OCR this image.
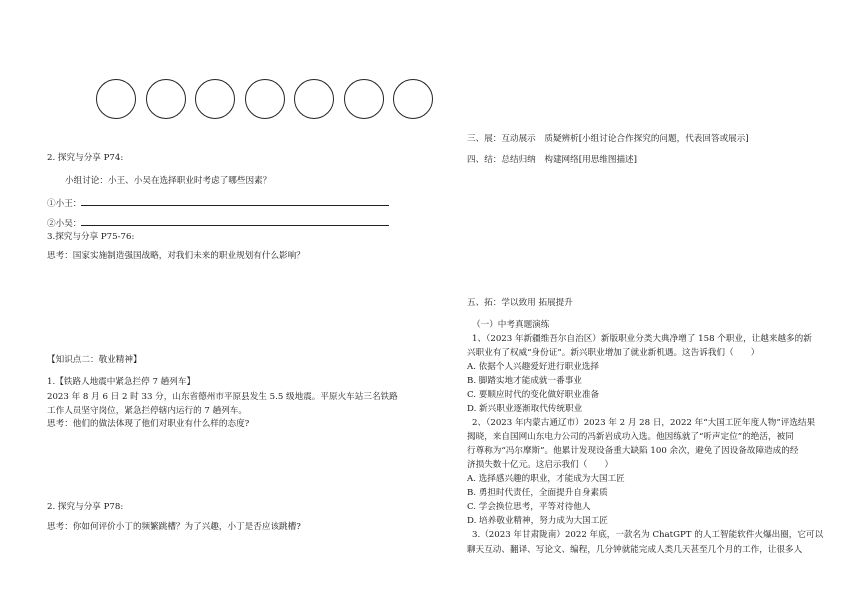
2. 探究与分享 P74:
小组讨论：小王、小吴在选择职业时考虑了哪些因素？
①小王：
②小吴：
3.探究与分享 P75-76:
思考：国家实施制造强国战略，对我们未来的职业规划有什么影响？
【知识点二：敬业精神】
1.【铁路人地震中紧急拦停 7 趟列车】
2023 年 8 月 6 日 2 时 33 分，山东省德州市平原县发生 5.5 级地震。平原火车站三名铁路
工作人员坚守岗位，紧急拦停辖内运行的 7 趟列车。
思考：他们的做法体现了他们对职业有什么样的态度?
2. 探究与分享 P78:
思考：你如何评价小丁的频繁跳槽？为了兴趣，小丁是否应该跳槽?
三、展：互动展示　质疑辨析[小组讨论合作探究的问题，代表回答或展示]
四、结：总结归纳　构建网络[用思维图描述]
五、拓：学以致用 拓展提升
（一）中考真题演练
1、（2023 年新疆维吾尔自治区）新版职业分类大典净增了 158 个职业，让越来越多的新
兴职业有了权威“身份证”。新兴职业增加了就业新机遇。这告诉我们（　　）
A. 依据个人兴趣爱好进行职业选择
B. 脚踏实地才能成就一番事业
C. 要顺应时代的变化做好职业准备
D. 新兴职业逐渐取代传统职业
2、（2023 年内蒙古通辽市）2023 年 2 月 28 日，2022 年“大国工匠年度人物”评选结果
揭晓，来自国网山东电力公司的冯新岩成功入选。他因练就了“听声定位”的绝活，被同
行尊称为“冯尔摩斯”。他累计发现设备重大缺陷 100 余次，避免了因设备故障造成的经
济损失数十亿元。这启示我们（　　）
A. 选择感兴趣的职业，才能成为大国工匠
B. 勇担时代责任，全面提升自身素质
C. 学会换位思考，平等对待他人
D. 培养敬业精神，努力成为大国工匠
3.（2023 年甘肃陇南）2022 年底，一款名为 ChatGPT 的人工智能软件火爆出圈，它可以
聊天互动、翻译、写论文、编程，几分钟就能完成人类几天甚至几个月的工作，让很多人
